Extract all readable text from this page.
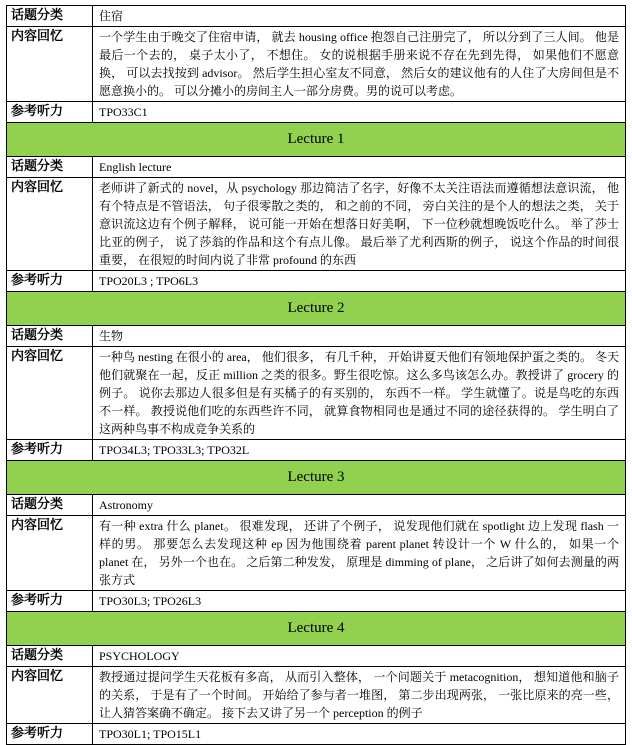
话题分类	住宿
内容回忆	一个学生由于晚交了住宿申请， 就去 housing office 抱怨自己注册完了， 所以分到了三人间。 他是最后一个去的， 桌子太小了， 不想住。 女的说根据手册来说不存在先到先得， 如果他们不愿意换， 可以去找按到 advisor。 然后学生担心室友不同意， 然后女的建议他有的人住了大房间但是不愿意换小的。 可以分摊小的房间主人一部分房费。男的说可以考虑。
参考听力	TPO33C1
Lecture 1	
话题分类	English lecture
内容回忆	老师讲了新式的 novel，从 psychology 那边简洁了名字，好像不太关注语法而遵循想法意识流， 他有个特点是不管语法， 句子很零散之类的， 和之前的不同， 旁白关注的是个人的想法之类， 关于意识流这边有个例子解释， 说可能一开始在想落日好美啊， 下一位秒就想晚饭吃什么。 举了莎士比亚的例子， 说了莎翁的作品和这个有点儿像。 最后举了尤利西斯的例子， 说这个作品的时间很重要， 在很短的时间内说了非常 profound 的东西
参考听力	TPO20L3 ; TPO6L3
Lecture 2	
话题分类	生物
内容回忆	一种鸟 nesting 在很小的 area， 他们很多， 有几千种， 开始讲夏天他们有领地保护蛋之类的。 冬天他们就聚在一起，反正 million 之类的很多。野生很吃惊。这么多鸟该怎么办。教授讲了 grocery 的例子。 说你去那边人很多但是有买橘子的有买别的， 东西不一样。 学生就懂了。说是鸟吃的东西不一样。 教授说他们吃的东西些许不同， 就算食物相同也是通过不同的途径获得的。 学生明白了这两种鸟事不构成竞争关系的
参考听力	TPO34L3; TPO33L3; TPO32L
Lecture 3	
话题分类	Astronomy
内容回忆	有一种 extra 什么 planet。 很难发现， 还讲了个例子， 说发现他们就在 spotlight 边上发现 flash 一样的男。 那要怎么去发现这种 ep 因为他围绕着 parent planet 转设计一个 W 什么的， 如果一个 planet 在， 另外一个也在。 之后第二种发发， 原理是 dimming of plane， 之后讲了如何去测量的两张方式
参考听力	TPO30L3; TPO26L3
Lecture 4	
话题分类	PSYCHOLOGY
内容回忆	教授通过提问学生天花板有多高， 从而引入整体， 一个问题关于 metacognition， 想知道他和脑子的关系， 于是有了一个时间。 开始给了参与者一堆图， 第二步出现两张， 一张比原来的亮一些，让人猜答案确不确定。 接下去又讲了另一个 perception 的例子
参考听力	TPO30L1; TPO15L1
